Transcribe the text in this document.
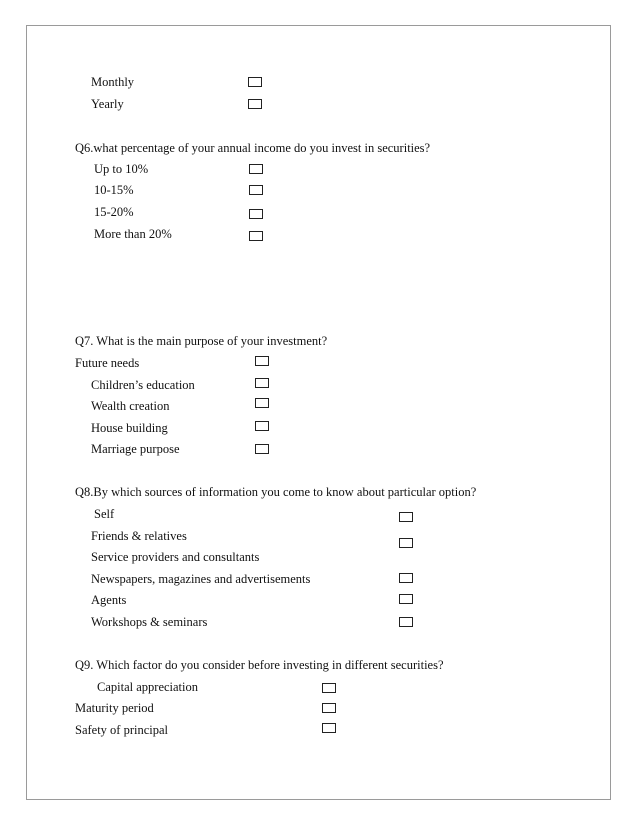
Monthly
Yearly
Q6.what percentage of your annual income do you invest in securities?
Up to 10%
10-15%
15-20%
More than 20%
Q7. What is the main purpose of your investment?
Future needs
Children’s education
Wealth creation
House building
Marriage purpose
Q8.By which sources of information you come to know about particular option?
Self
Friends & relatives
Service providers and consultants
Newspapers, magazines and advertisements
Agents
Workshops & seminars
Q9. Which factor do you consider before investing in different securities?
Capital appreciation
Maturity period
Safety of principal
